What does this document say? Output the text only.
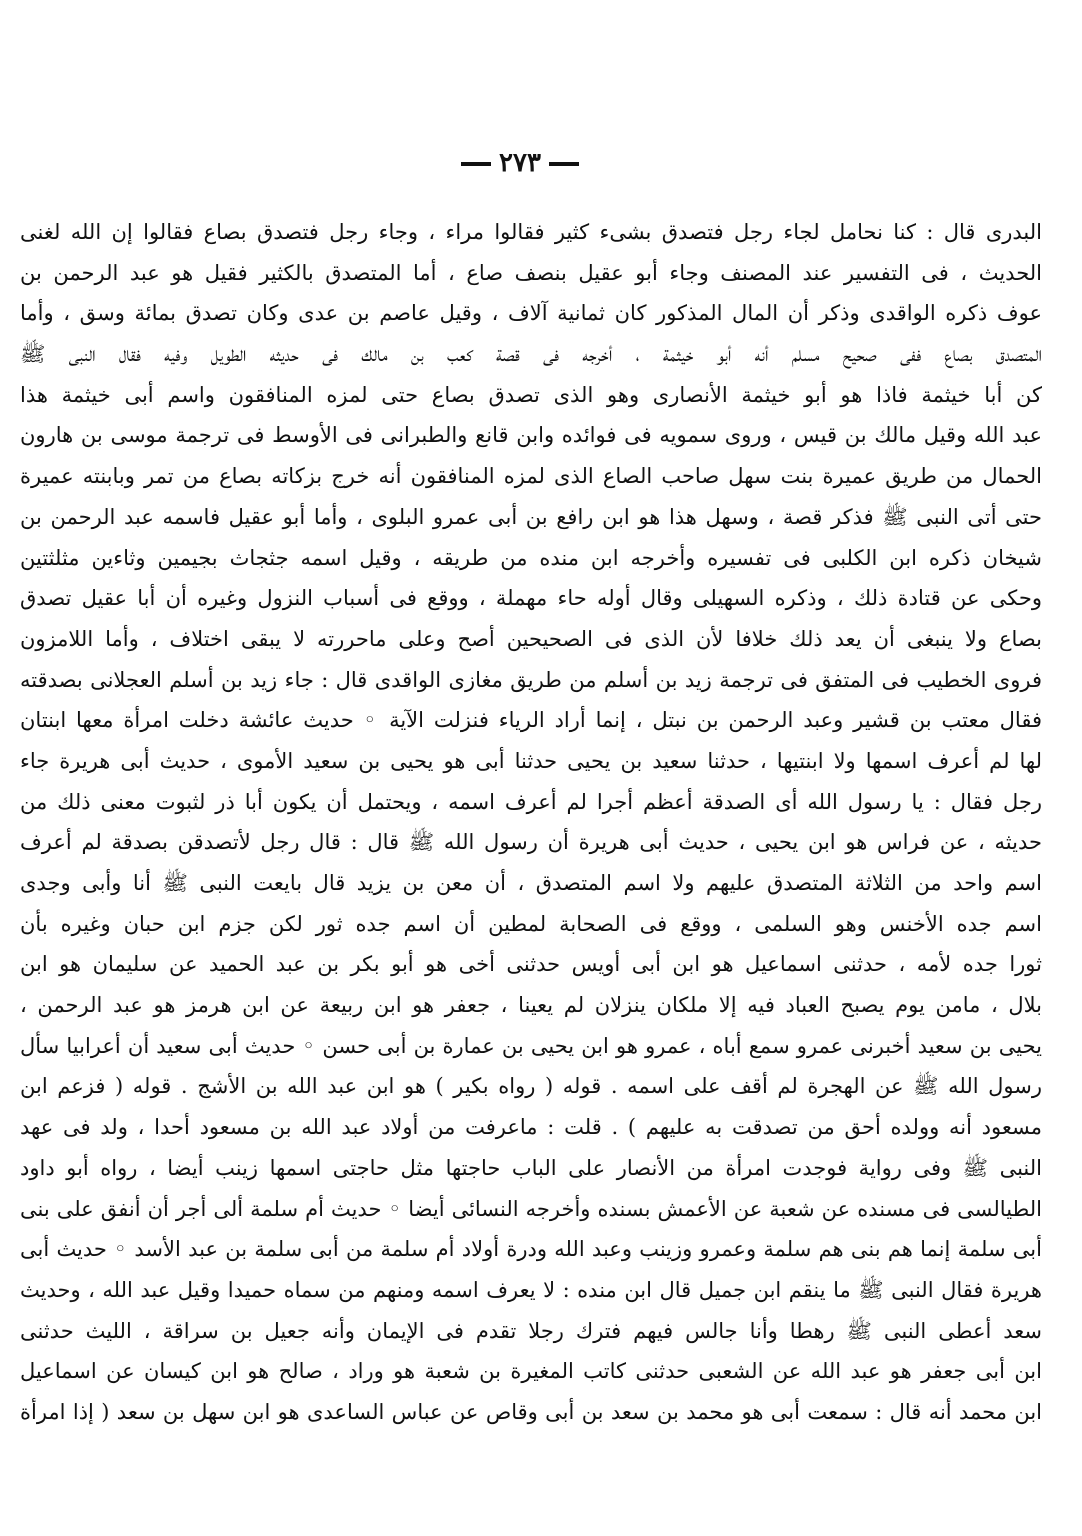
٢٧٣
البدرى قال : كنا نحامل لجاء رجل فتصدق بشىء كثير فقالوا مراء ، وجاء رجل فتصدق بصاع فقالوا إن الله لغنى
الحديث ، فى التفسير عند المصنف وجاء أبو عقيل بنصف صاع ، أما المتصدق بالكثير فقيل هو عبد الرحمن بن
عوف ذكره الواقدى وذكر أن المال المذكور كان ثمانية آلاف ، وقيل عاصم بن عدى وكان تصدق بمائة وسق ، وأما
المتصدق بصاع ففى صحيح مسلم أنه أبو خيثمة ، أخرجه فى قصة كعب بن مالك فى حديثه الطويل وفيه فقال النبى ﷺ
كن أبا خيثمة فاذا هو أبو خيثمة الأنصارى وهو الذى تصدق بصاع حتى لمزه المنافقون واسم أبى خيثمة هذا
عبد الله وقيل مالك بن قيس ، وروى سمويه فى فوائده وابن قانع والطبرانى فى الأوسط فى ترجمة موسى بن هارون
الحمال من طريق عميرة بنت سهل صاحب الصاع الذى لمزه المنافقون أنه خرج بزكاته بصاع من تمر وبابنته عميرة
حتى أتى النبى ﷺ فذكر قصة ، وسهل هذا هو ابن رافع بن أبى عمرو البلوى ، وأما أبو عقيل فاسمه عبد الرحمن بن
شيخان ذكره ابن الكلبى فى تفسيره وأخرجه ابن منده من طريقه ، وقيل اسمه جثجاث بجيمين وثاءين مثلثتين
وحكى عن قتادة ذلك ، وذكره السهيلى وقال أوله حاء مهملة ، ووقع فى أسباب النزول وغيره أن أبا عقيل تصدق
بصاع ولا ينبغى أن يعد ذلك خلافا لأن الذى فى الصحيحين أصح وعلى ماحررته لا يبقى اختلاف ، وأما اللامزون
فروى الخطيب فى المتفق فى ترجمة زيد بن أسلم من طريق مغازى الواقدى قال : جاء زيد بن أسلم العجلانى بصدقته
فقال معتب بن قشير وعبد الرحمن بن نبتل ، إنما أراد الرياء فنزلت الآية ◦ حديث عائشة دخلت امرأة معها ابنتان
لها لم أعرف اسمها ولا ابنتيها ، حدثنا سعيد بن يحيى حدثنا أبى هو يحيى بن سعيد الأموى ، حديث أبى هريرة جاء
رجل فقال : يا رسول الله أى الصدقة أعظم أجرا لم أعرف اسمه ، ويحتمل أن يكون أبا ذر لثبوت معنى ذلك من
حديثه ، عن فراس هو ابن يحيى ، حديث أبى هريرة أن رسول الله ﷺ قال : قال رجل لأتصدقن بصدقة لم أعرف
اسم واحد من الثلاثة المتصدق عليهم ولا اسم المتصدق ، أن معن بن يزيد قال بايعت النبى ﷺ أنا وأبى وجدى
اسم جده الأخنس وهو السلمى ، ووقع فى الصحابة لمطين أن اسم جده ثور لكن جزم ابن حبان وغيره بأن
ثورا جده لأمه ، حدثنى اسماعيل هو ابن أبى أويس حدثنى أخى هو أبو بكر بن عبد الحميد عن سليمان هو ابن
بلال ، مامن يوم يصبح العباد فيه إلا ملكان ينزلان لم يعينا ، جعفر هو ابن ربيعة عن ابن هرمز هو عبد الرحمن ،
يحيى بن سعيد أخبرنى عمرو سمع أباه ، عمرو هو ابن يحيى بن عمارة بن أبى حسن ◦ حديث أبى سعيد أن أعرابيا سأل
رسول الله ﷺ عن الهجرة لم أقف على اسمه . قوله ( رواه بكير ) هو ابن عبد الله بن الأشج . قوله ( فزعم ابن
مسعود أنه وولده أحق من تصدقت به عليهم ) . قلت : ماعرفت من أولاد عبد الله بن مسعود أحدا ، ولد فى عهد
النبى ﷺ وفى رواية فوجدت امرأة من الأنصار على الباب حاجتها مثل حاجتى اسمها زينب أيضا ، رواه أبو داود
الطيالسى فى مسنده عن شعبة عن الأعمش بسنده وأخرجه النسائى أيضا ◦ حديث أم سلمة ألى أجر أن أنفق على بنى
أبى سلمة إنما هم بنى هم سلمة وعمرو وزينب وعبد الله ودرة أولاد أم سلمة من أبى سلمة بن عبد الأسد ◦ حديث أبى
هريرة فقال النبى ﷺ ما ينقم ابن جميل قال ابن منده : لا يعرف اسمه ومنهم من سماه حميدا وقيل عبد الله ، وحديث
سعد أعطى النبى ﷺ رهطا وأنا جالس فيهم فترك رجلا تقدم فى الإيمان وأنه جعيل بن سراقة ، الليث حدثنى
ابن أبى جعفر هو عبد الله عن الشعبى حدثنى كاتب المغيرة بن شعبة هو وراد ، صالح هو ابن كيسان عن اسماعيل
ابن محمد أنه قال : سمعت أبى هو محمد بن سعد بن أبى وقاص عن عباس الساعدى هو ابن سهل بن سعد ( إذا امرأة
